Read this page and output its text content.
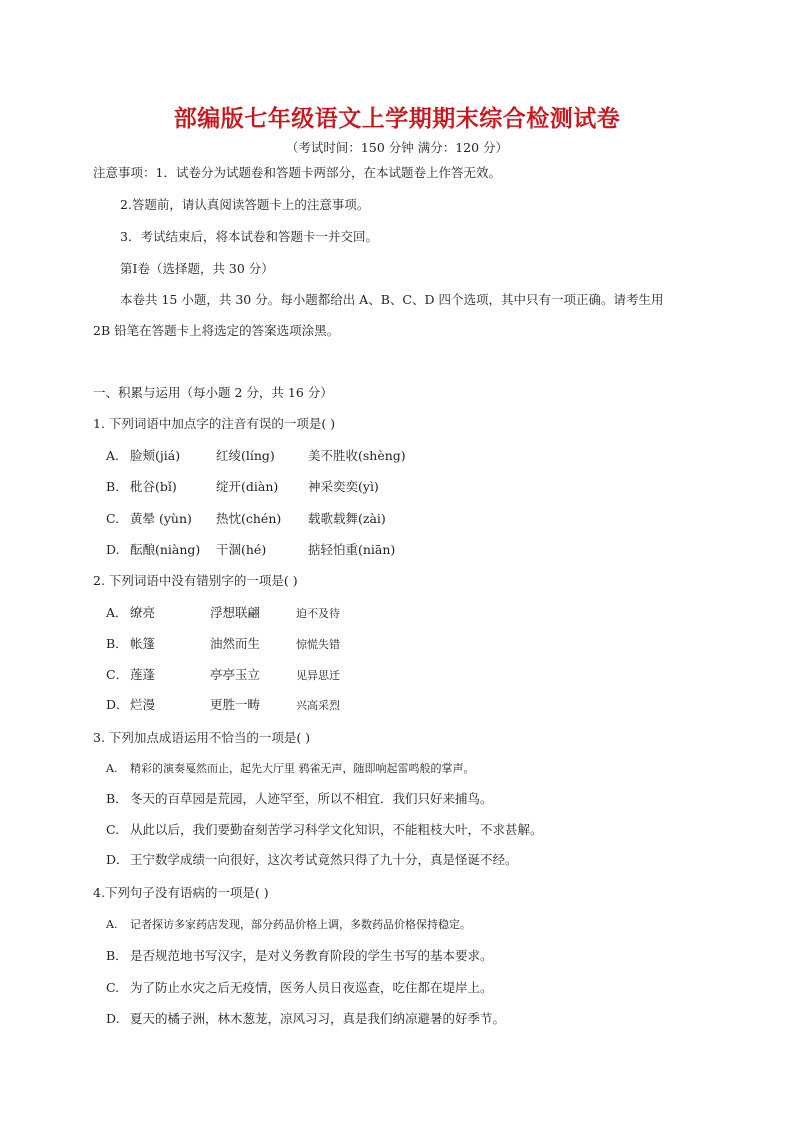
部编版七年级语文上学期期末综合检测试卷
（考试时间：150 分钟 满分：120 分）
注意事项：1．试卷分为试题卷和答题卡两部分，在本试题卷上作答无效。
2.答题前，请认真阅读答题卡上的注意事项。
3．考试结束后，将本试卷和答题卡一并交回。
第Ⅰ卷（选择题，共 30 分）
本卷共 15 小题，共 30 分。每小题都给出 A、B、C、D 四个选项，其中只有一项正确。请考生用
2B 铅笔在答题卡上将选定的答案选项涂黑。
一、积累与运用（每小题 2 分，共 16 分）
1. 下列词语中加点字的注音有误的一项是( )
A. 脸颊(jiá)	红绫(líng)	美不胜收(shèng)
B. 秕谷(bǐ)	绽开(diàn) 神采奕奕(yì)
C. 黄晕 (yùn) 热忱(chén) 载歌载舞(zài)
D. 酝酿(niàng) 干涸(hé)	掂轻怕重(niān)
2. 下列词语中没有错别字的一项是( )
A． 缭亮	浮想联翩	迫不及待
B． 帐篷	油然而生	惊慌失错
C． 莲蓬	亭亭玉立	见异思迁
D．烂漫	更胜一畴	兴高采烈
3. 下列加点成语运用不恰当的一项是( )
A. 精彩的演奏戛然而止，起先大厅里 鸦雀无声，随即响起雷鸣般的掌声。
B． 冬天的百草园是荒园，人迹罕至，所以不相宜．我们只好来捕鸟。
C. 从此以后，我们要勤奋刻苦学习科学文化知识，不能粗枝大叶，不求甚解。
D．王宁数学成绩一向很好，这次考试竟然只得了九十分，真是怪诞不经。
4.下列句子没有语病的一项是( )
A. 记者探访多家药店发现，部分药品价格上调，多数药品价格保持稳定。
B． 是否规范地书写汉字，是对义务教育阶段的学生书写的基本要求。
C. 为了防止水灾之后无疫情，医务人员日夜巡查，吃住都在堤岸上。
D. 夏天的橘子洲，林木葱茏，凉风习习，真是我们纳凉避暑的好季节。
